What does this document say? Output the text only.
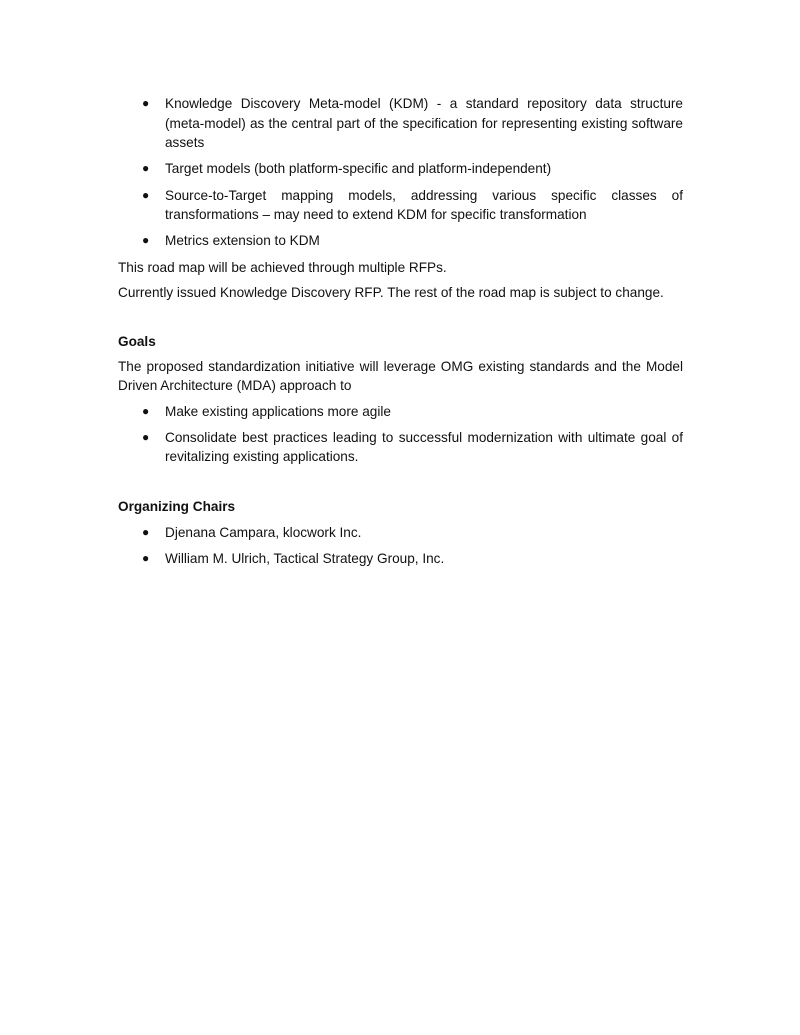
● Knowledge Discovery Meta-model (KDM) - a standard repository data structure (meta-model) as the central part of the specification for representing existing software assets
● Target models (both platform-specific and platform-independent)
● Source-to-Target mapping models, addressing various specific classes of transformations – may need to extend KDM for specific transformation
● Metrics extension to KDM

This road map will be achieved through multiple RFPs.

Currently issued Knowledge Discovery RFP. The rest of the road map is subject to change.

Goals

The proposed standardization initiative will leverage OMG existing standards and the Model Driven Architecture (MDA) approach to

● Make existing applications more agile
● Consolidate best practices leading to successful modernization with ultimate goal of revitalizing existing applications.

Organizing Chairs

● Djenana Campara, klocwork Inc.
● William M. Ulrich, Tactical Strategy Group, Inc.
